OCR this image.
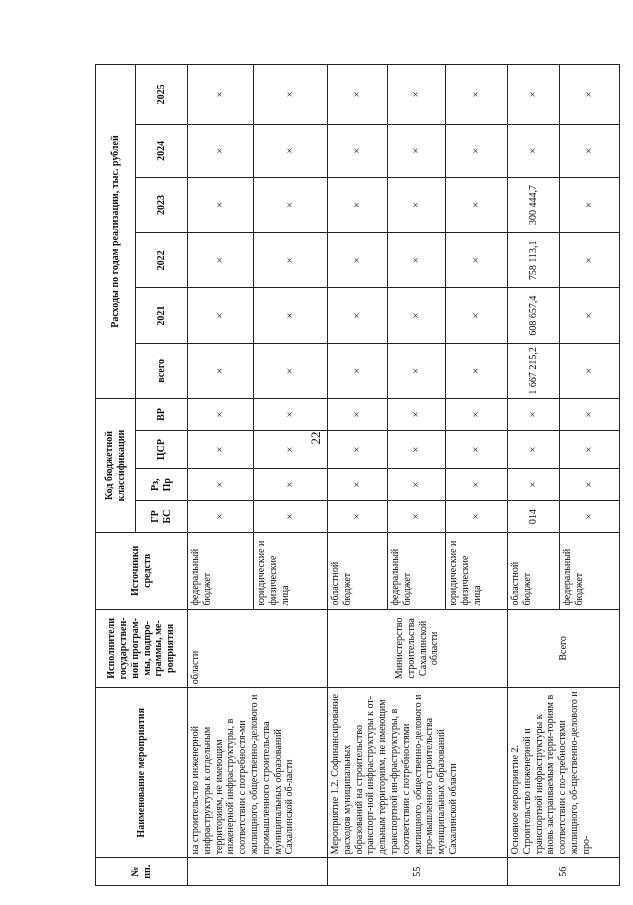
22
№ пп.	Наименование мероприятия	Исполнители государствен-ной програм-мы, подпро-граммы, ме-роприятия	Источники средств	Код бюджетной классификации				Расходы по годам реализации, тыс. рублей					
				ГР БС	Рз, Пр	ЦСР	ВР	всего	2021	2022	2023	2024	2025
	на строительство инженерной инфраструктуры к отдельным территориям, не имеющим инженерной инфраструктуры, в соответствии с потребностя-ми жилищного, общественно-делового и промышленного строительства муниципальных образований Сахалинской об-ласти	области	федеральный бюджет	×	×	×	×	×	×	×	×	×	×
			юридические и физические лица	×	×	×	×	×	×	×	×	×	×
55	Мероприятие 1.2. Софинансирование расходов муниципальных образований на строительство транспорт-ной инфраструктуры к от-дельным территориям, не имеющим транспортной ин-фраструктуры, в соответствии с потребностями жилищного, общественно-делового и про-мышленного строительства муниципальных образований Сахалинской области	Министерство строительства Сахалинской области	областной бюджет	×	×	×	×	×	×	×	×	×	×
			федеральный бюджет	×	×	×	×	×	×	×	×	×	×
			юридические и физические лица	×	×	×	×	×	×	×	×	×	×
56	Основное мероприятие 2. Строительство инженерной и транспортной инфраструктуры к вновь застраиваемым терри-ториям в соответствии с по-требностями жилищного, об-щественно-делового и про-	Всего	областной бюджет	014	×	×	×	1 667 215,2	608 657,4	758 113,1	300 444,7	×	×
			федеральный бюджет	×	×	×	×	×	×	×	×	×	×
